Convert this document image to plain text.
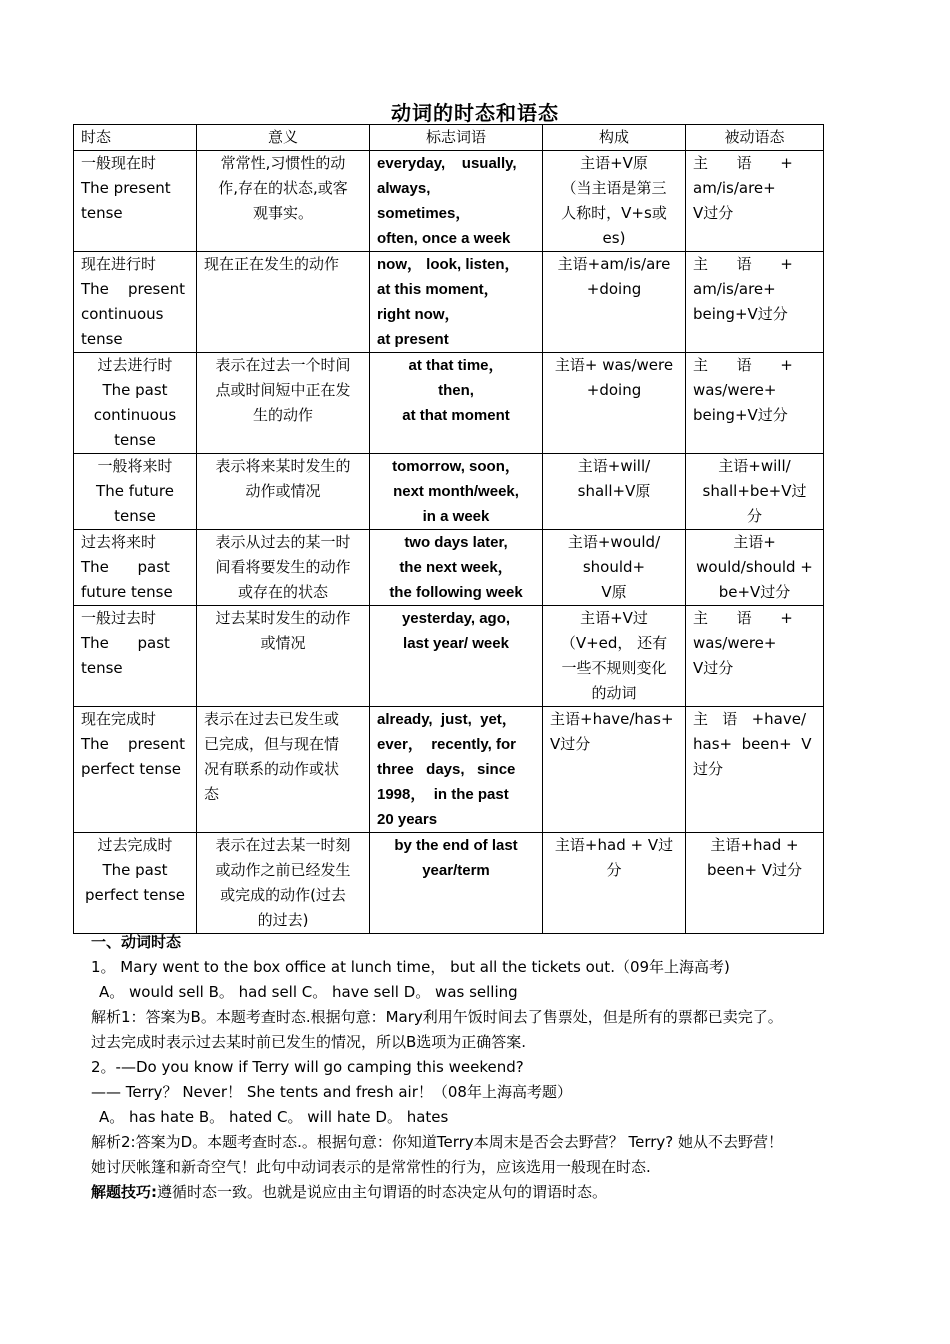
动词的时态和语态
时态	意义	标志词语	构成	被动语态

一般现在时
The present
tense	常常性,习惯性的动
作,存在的状态,或客
观事实。	everyday,    usually,
always,
sometimes，
often, once a week	主语+V原
（当主语是第三
人称时，V+s或
es)	主      语      +
am/is/are+
V过分

现在进行时
The    present
continuous
tense	现在正在发生的动作	now， look, listen，
at this moment，
right now，
at present	主语+am/is/are
+doing	主      语      +
am/is/are+
being+V过分

过去进行时
The past
continuous
tense	表示在过去一个时间
点或时间短中正在发
生的动作	at that time，
then,
at that moment	主语+ was/were
+doing	主      语      +
was/were+
being+V过分

一般将来时
The future
tense	表示将来某时发生的
动作或情况	tomorrow, soon，
next month/week,
in a week	主语+will/
shall+V原	主语+will/
shall+be+V过
分

过去将来时
The      past
future tense	表示从过去的某一时
间看将要发生的动作
或存在的状态	two days later,
the next week，
the following week	主语+would/
should+
V原	主语+
would/should +
be+V过分

一般过去时
The      past
tense	过去某时发生的动作
或情况	yesterday, ago,
last year/ week	主语+V过
（V+ed， 还有
一些不规则变化
的动词	主      语      +
was/were+
V过分

现在完成时
The    present
perfect tense	表示在过去已发生或
已完成，但与现在情
况有联系的动作或状
态	already,  just,  yet，
ever，  recently, for
three   days,   since
1998，  in the past
20 years	主语+have/has+
V过分	主   语   +have/
has+  been+  V
过分

过去完成时
The past
perfect tense	表示在过去某一时刻
或动作之前已经发生
或完成的动作(过去
的过去)	by the end of last
year/term	主语+had + V过
分	主语+had +
been+ V过分

一、动词时态

1。 Mary went to the box office at lunch time， but all the tickets out.（09年上海高考)

A。 would sell B。 had sell C。 have sell D。 was selling

解析1：答案为B。本题考查时态.根据句意：Mary利用午饭时间去了售票处，但是所有的票都已卖完了。

过去完成时表示过去某时前已发生的情况，所以B选项为正确答案.

2。-—Do you know if Terry will go camping this weekend?

—— Terry？ Never！ She tents and fresh air！（08年上海高考题）

A。 has hate B。 hated C。 will hate D。 hates

解析2:答案为D。本题考查时态.。根据句意：你知道Terry本周末是否会去野营？ Terry? 她从不去野营！

她讨厌帐篷和新奇空气！此句中动词表示的是常常性的行为，应该选用一般现在时态.

解题技巧:遵循时态一致。也就是说应由主句谓语的时态决定从句的谓语时态。
